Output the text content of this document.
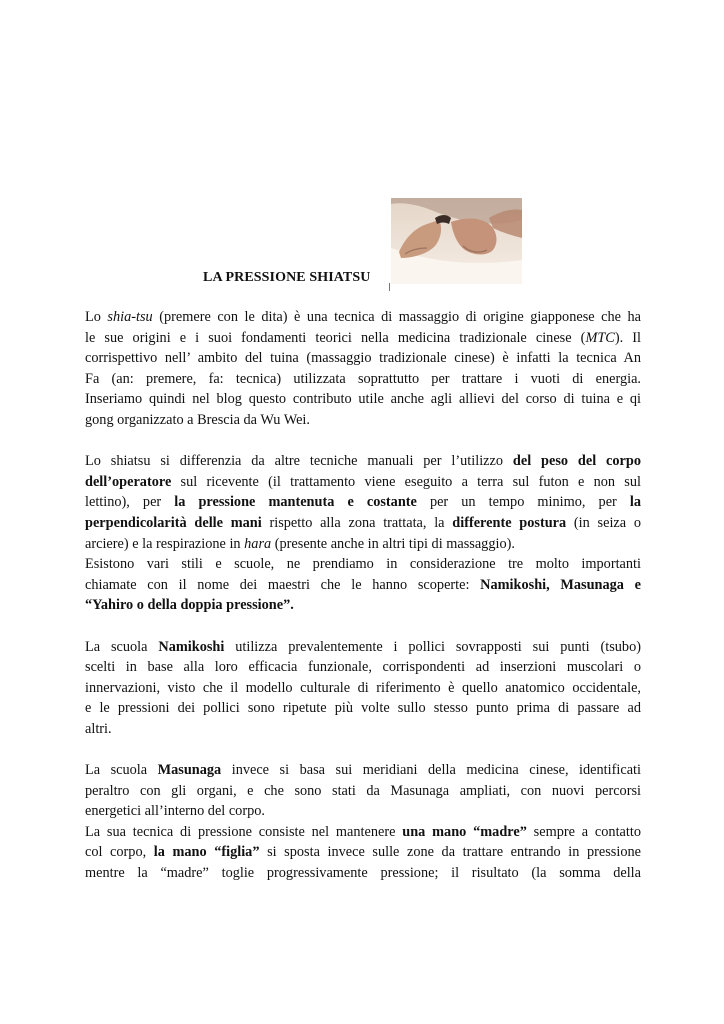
LA PRESSIONE SHIATSU

Lo shia-tsu (premere con le dita) è una tecnica di massaggio di origine giapponese che ha
le sue origini e i suoi fondamenti teorici nella medicina tradizionale cinese (MTC). Il
corrispettivo nell’ ambito del tuina (massaggio tradizionale cinese) è infatti la tecnica An
Fa (an: premere, fa: tecnica) utilizzata soprattutto per trattare i vuoti di energia.
Inseriamo quindi nel blog questo contributo utile anche agli allievi del corso di tuina e qi
gong organizzato a Brescia da Wu Wei.

Lo shiatsu si differenzia da altre tecniche manuali per l’utilizzo del peso del corpo
dell’operatore sul ricevente (il trattamento viene eseguito a terra sul futon e non sul
lettino), per la pressione mantenuta e costante per un tempo minimo, per la
perpendicolarità delle mani rispetto alla zona trattata, la differente postura (in seiza o
arciere) e la respirazione in hara (presente anche in altri tipi di massaggio).

Esistono vari stili e scuole, ne prendiamo in considerazione tre molto importanti
chiamate con il nome dei maestri che le hanno scoperte: Namikoshi, Masunaga e
“Yahiro o della doppia pressione”.

La scuola Namikoshi utilizza prevalentemente i pollici sovrapposti sui punti (tsubo)
scelti in base alla loro efficacia funzionale, corrispondenti ad inserzioni muscolari o
innervazioni, visto che il modello culturale di riferimento è quello anatomico occidentale,
e le pressioni dei pollici sono ripetute più volte sullo stesso punto prima di passare ad
altri.

La scuola Masunaga invece si basa sui meridiani della medicina cinese, identificati
peraltro con gli organi, e che sono stati da Masunaga ampliati, con nuovi percorsi
energetici all’interno del corpo.

La sua tecnica di pressione consiste nel mantenere una mano “madre” sempre a contatto
col corpo, la mano “figlia” si sposta invece sulle zone da trattare entrando in pressione
mentre la “madre” toglie progressivamente pressione; il risultato (la somma della
